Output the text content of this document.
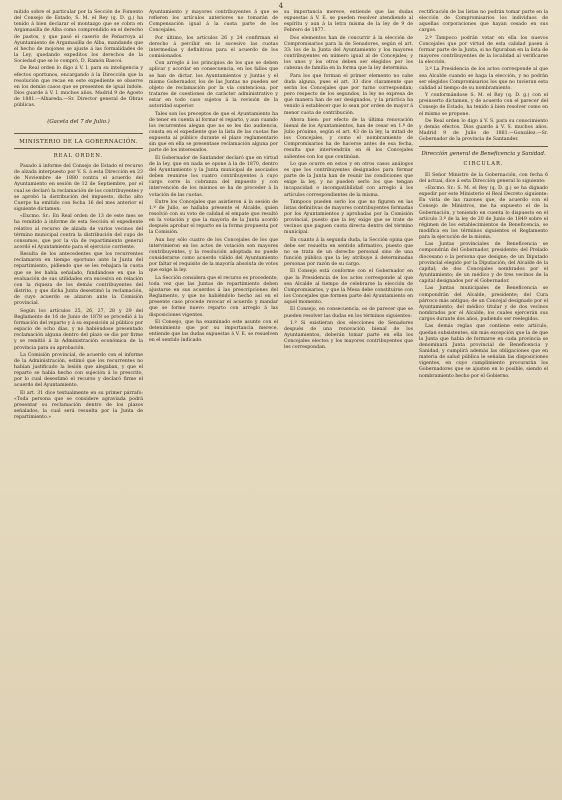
4

mitido sobre el particular por la Sección de Fomento del Consejo de Estado, S. M. el Rey (q. D. g.) ha tenido á bien declarar el montazgo que se cobra en Argamasilla de Alba como comprendido en el derecho de pastos, y que pasó el caserío de Peñarroya al Ayuntamiento de Argamasilla de Alba, mandando que el hecho de mojones se ajuste á las formalidades de la Ley, quedando expeditos los derechos de la Sociedad que se lo compró, D. Ramón Bascoi.

De Real orden lo digo á V. I. para su inteligencia y efectos oportunos, encargando á la Dirección que la resolución que recae en este expediente se observe en los demás casos que se presenten de igual índole. Dios guarde á V. I. muchos años. Madrid 9 de Agosto de 1881.—Albareda.—Sr. Director general de Obras públicas.

(Gaceta del 7 de Julio.)
MINISTERIO DE LA GOBERNACIÓN.
REAL ORDEN.

Pasado á informe del Consejo de Estado el recurso de alzada interpuesto por V. S. á esta Dirección en 23 de Noviembre de 1880 contra el acuerdo del Ayuntamiento en sesión de 12 de Septiembre, por el cual se declaró la reclamación de los contribuyentes y se aprobó la distribución del impuesto, dicho alto Cuerpo ha emitido con fecha 16 del mes anterior el siguiente dictamen:

«Excmo. Sr.: En Real orden de 13 de este mes se ha remitido á informe de esta Sección el expediente relativo al recurso de alzada de varios vecinos del término municipal contra la distribución del cupo de consumos, que por la vía de repartimiento general acordó el Ayuntamiento para el ejercicio corriente.

Resulta de los antecedentes que los recurrentes reclamaron en tiempo oportuno ante la Junta del repartimiento, pidiendo que se les rebajara la cuota que se les había señalado, fundándose en que la evaluación de sus utilidades era excesiva en relación con la riqueza de los demás contribuyentes del distrito, y que dicha Junta desestimó la reclamación, de cuyo acuerdo se alzaron ante la Comisión provincial.

Según los artículos 25, 26, 27, 28 y 29 del Reglamento de 16 de Junio de 1878 se procedió á la formación del reparto y á su exposición al público por espacio de ocho días, y no habiéndose presentado reclamación alguna dentro del plazo se dio por firme y se remitió á la Administración económica de la provincia para su aprobación.

La Comisión provincial, de acuerdo con el informe de la Administración, estimó que los recurrentes no habían justificado la lesión que alegaban, y que el reparto se había hecho con sujeción á lo prescrito, por lo cual desestimó el recurso y declaró firme el acuerdo del Ayuntamiento.

El art. 31 dice textualmente en su primer párrafo: «Toda persona que se considere agraviada podrá presentar su reclamación dentro de los plazos señalados, la cual será resuelta por la Junta de repartimiento.»

Ayuntamiento y mayores contribuyentes á que se refieren los artículos anteriores no tomarán de Compensación igual á la cuota parte de los Concejales.

Por último, los artículos 26 y 24 confirman el derecho á percibir en lo sucesivo las cuotas intermedias y definitivas para el acuerdo de los comisionados.

Con arreglo á los principios de los que se deben aplicar y acordar en consecuencia, en los fallos que se han de dictar, los Ayuntamientos y Juntas y el mismo Gobernador, los de las Juntas no pueden ser objeto de reclamación por la vía contenciosa, por tratarse de cuestiones de carácter administrativo y estar en todo caso sujetos á la revisión de la autoridad superior.

Tales son los preceptos de que el Ayuntamiento ha de tener en cuenta al formar el reparto, y aun cuando los recurrentes alegan que no se les dio audiencia, consta en el expediente que la lista de las cuotas fue expuesta al público durante el plazo reglamentario sin que en ella se presentase reclamación alguna por parte de los interesados.

El Gobernador de Santander declaró que en virtud de la ley, que en nada se opone á la de 1870, dentro del Ayuntamiento y la Junta municipal de asociados deben reunirse los cuatro contribuyentes á cuyo cargo corre la cobranza del impuesto y con intervención de los mismos se ha de proceder á la votación de las cuotas.

Entre los Concejales que asistieron á la sesión de 1.º de Julio, se hallaba presente el Alcalde, quien resolvió con su voto de calidad el empate que resultó en la votación y que la mayoría de la Junta acordó después aprobar el reparto en la forma propuesta por la Comisión.

Aun hoy sólo cuatro de los Concejales de los que intervinieron en los actos de votación son mayores contribuyentes, y la resolución adoptada no puede considerarse como acuerdo válido del Ayuntamiento por faltar el requisito de la mayoría absoluta de votos que exige la ley.

La Sección considera que el recurso es procedente, toda vez que las Juntas de repartimiento deben ajustarse en sus acuerdos á las prescripciones del Reglamento, y que no habiéndolo hecho así en el presente caso procede revocar el acuerdo y mandar que se forme nuevo reparto con arreglo á las disposiciones vigentes.

El Consejo, que ha examinado este asunto con el detenimiento que por su importancia merece, entiende que las dudas expuestas á V. E. se resuelven en el sentido indicado.

su importancia merece, entiende que las dudas expuestas á V. E. se pueden resolver atendiendo al espíritu y aun á la letra misma de la ley de 9 de Febrero de 1877.

Dos elementos han de concurrir á la elección de Compromisarios para la de Senadores, según el art. 33: los de la Junta del Ayuntamiento y los mayores contribuyentes en número igual al de Concejales; y los unos y los otros deben ser elegidos por los cabezas de familia en la forma que la ley determina.

Para los que forman el primer elemento no cabe duda alguna, pues el art. 33 dice claramente que serán los Concejales que por turno correspondan; pero respecto de los segundos, la ley no expresa de qué manera han de ser designados, y la práctica ha venido á establecer que lo sean por orden de mayor á menor cuota de contribución.

Ahora bien: por efecto de la última renovación bienal de los Ayuntamientos, han de cesar en 1.º de Julio próximo, según el art. 43 de la ley, la mitad de los Concejales, y como el nombramiento de Compromisarios ha de hacerse antes de esa fecha, resulta que intervendrán en él los Concejales salientes con los que continúan.

Lo que ocurre en estos y en otros casos análogos es que los contribuyentes designados para formar parte de la Junta han de reunir las condiciones que exige la ley, y no pueden serlo los que tengan incapacidad o incompatibilidad con arreglo á los artículos correspondientes de la misma.

Tampoco pueden serlo los que no figuren en las listas definitivas de mayores contribuyentes formadas por los Ayuntamientos y aprobadas por la Comisión provincial, puesto que la ley exige que se trate de vecinos que paguen cuota directa dentro del término municipal.

En cuanto á la segunda duda, la Sección opina que debe ser resuelta en sentido afirmativo, puesto que no se trata de un derecho personal sino de una función pública que la ley atribuye á determinadas personas por razón de su cargo.

El Consejo está conforme con el Gobernador en que la Presidencia de los actos corresponde al que sea Alcalde al tiempo de celebrarse la elección de Compromisarios, y que la Mesa debe constituirse con los Concejales que formen parte del Ayuntamiento en aquel momento.

El Consejo, en consecuencia, es de parecer que se pueden resolver las dudas en los términos siguientes:

1.º Si existieran dos elecciones de Senadores después de una renovación bienal de los Ayuntamientos, deberán tomar parte en ella los Concejales electos y los mayores contribuyentes que les correspondan.

rectificación de las listas no podrán tomar parte en la elección de Compromisarios los individuos de aquellas corporaciones que hayan cesado en sus cargos.

2.º Tampoco podrán votar en ella los nuevos Concejales que por virtud de esta calidad pasen á formar parte de la Junta, si no figuraban en la lista de mayores contribuyentes de la localidad al verificarse la elección.

3.º La Presidencia de los actos corresponde al que sea Alcalde cuando se haga la elección, y no podrán ser elegidos Compromisarios los que no tuvieran esta calidad al tiempo de su nombramiento.

Y conformándose S. M. el Rey (q. D. g.) con el preinserto dictamen, y de acuerdo con el parecer del Consejo de Estado, ha tenido á bien resolver como en el mismo se propone.

De Real orden lo digo á V. S. para su conocimiento y demás efectos. Dios guarde á V. S. muchos años. Madrid 9 de Julio de 1881.—González.—Sr. Gobernador de la provincia de Santander.

Dirección general de Beneficencia y Sanidad.
CIRCULAR.

El Señor Ministro de la Gobernación, con fecha 6 del actual, dice á esta Dirección general lo siguiente:

«Excmo. Sr.: S. M. el Rey (q. D. g.) se ha dignado expedir por este Ministerio el Real Decreto siguiente: En vista de las razones que, de acuerdo con el Consejo de Ministros, me ha expuesto el de la Gobernación, y teniendo en cuenta lo dispuesto en el artículo 3.º de la ley de 20 de Junio de 1849 sobre el régimen de los establecimientos de Beneficencia, se modifica en los términos siguientes el Reglamento para la ejecución de la misma.

Las Juntas provinciales de Beneficencia se compondrán del Gobernador, presidente; del Prelado diocesano o la persona que designe; de un Diputado provincial elegido por la Diputación; del Alcalde de la capital; de dos Concejales nombrados por el Ayuntamiento; de un médico y de tres vecinos de la capital designados por el Gobernador.

Las Juntas municipales de Beneficencia se compondrán del Alcalde, presidente; del Cura párroco más antiguo; de un Concejal designado por el Ayuntamiento; del médico titular y de dos vecinos nombrados por el Alcalde, los cuales ejercerán sus cargos durante dos años, pudiendo ser reelegidos.

Las demás reglas que contiene este artículo, quedan subsistentes, sin más excepción que la de que la Junta que había de formarse en cada provincia se denominará Junta provincial de Beneficencia y Sanidad, y cumplirá además las obligaciones que en materia de salud pública le señalan las disposiciones vigentes, en cuyo cumplimiento procurarán los Gobernadores que se ajusten en lo posible, siendo el nombramiento hecho por el Gobierno.
